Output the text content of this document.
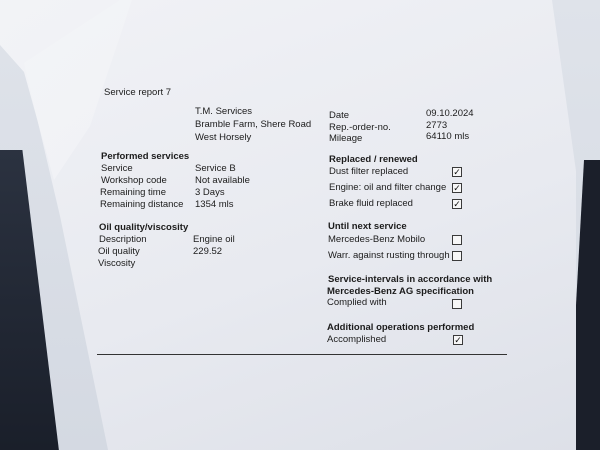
Service report 7
T.M. Services
Bramble Farm, Shere Road
West Horsely
Date	09.10.2024
Rep.-order-no.	2773
Mileage	64110 mls
Performed services
Service	Service B
Workshop code	Not available
Remaining time	3 Days
Remaining distance 1354 mls
Oil quality/viscosity
Description	Engine oil
Oil quality	229.52
Viscosity
Replaced / renewed
Dust filter replaced	✓
Engine: oil and filter change ✓
Brake fluid replaced	✓
Until next service
Mercedes-Benz Mobilo
Warr. against rusting through
Service-intervals in accordance with
Mercedes-Benz AG specification
Complied with
Additional operations performed
Accomplished	✓
